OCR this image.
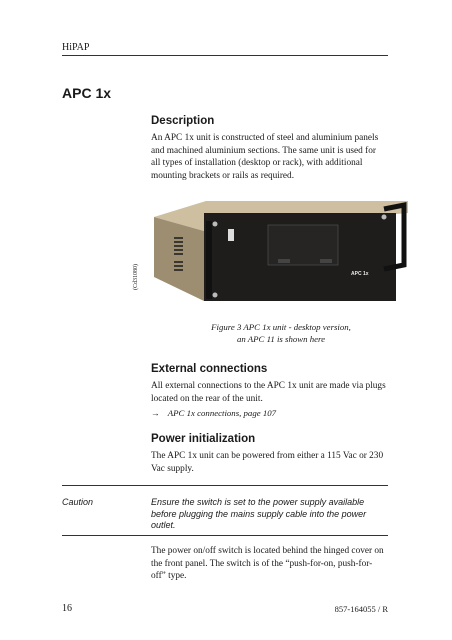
HiPAP
APC 1x
Description
An APC 1x unit is constructed of steel and aluminium panels and machined aluminium sections. The same unit is used for all types of installation (desktop or rack), with additional mounting brackets or rails as required.
(Cd31080)	APC 1x
Figure 3 APC 1x unit - desktop version,
an APC 11 is shown here
External connections
All external connections to the APC 1x unit are made via plugs located on the rear of the unit.
→ APC 1x connections, page 107
Power initialization
The APC 1x unit can be powered from either a 115 Vac or 230 Vac supply.
Caution	Ensure the switch is set to the power supply available before plugging the mains supply cable into the power outlet.
The power on/off switch is located behind the hinged cover on the front panel. The switch is of the “push-for-on, push-for-off” type.
16	857-164055 / R
